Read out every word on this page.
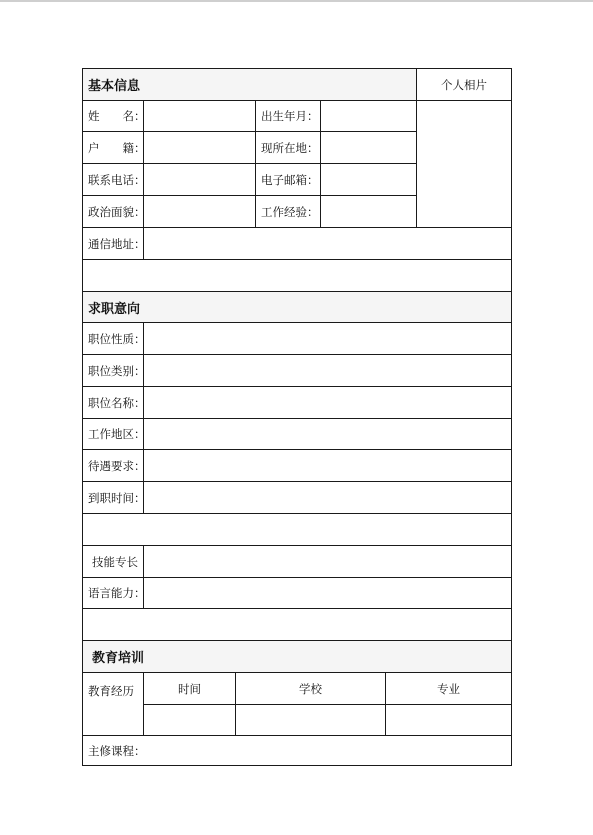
基本信息	个人相片
姓　　名：	出生年月：
户　　籍：	现所在地：
联系电话：	电子邮箱：
政治面貌：	工作经验：
通信地址：
求职意向
职位性质：
职位类别：
职位名称：
工作地区：
待遇要求：
到职时间：
技能专长
语言能力：
教育培训
教育经历	时间	学校	专业
主修课程：
